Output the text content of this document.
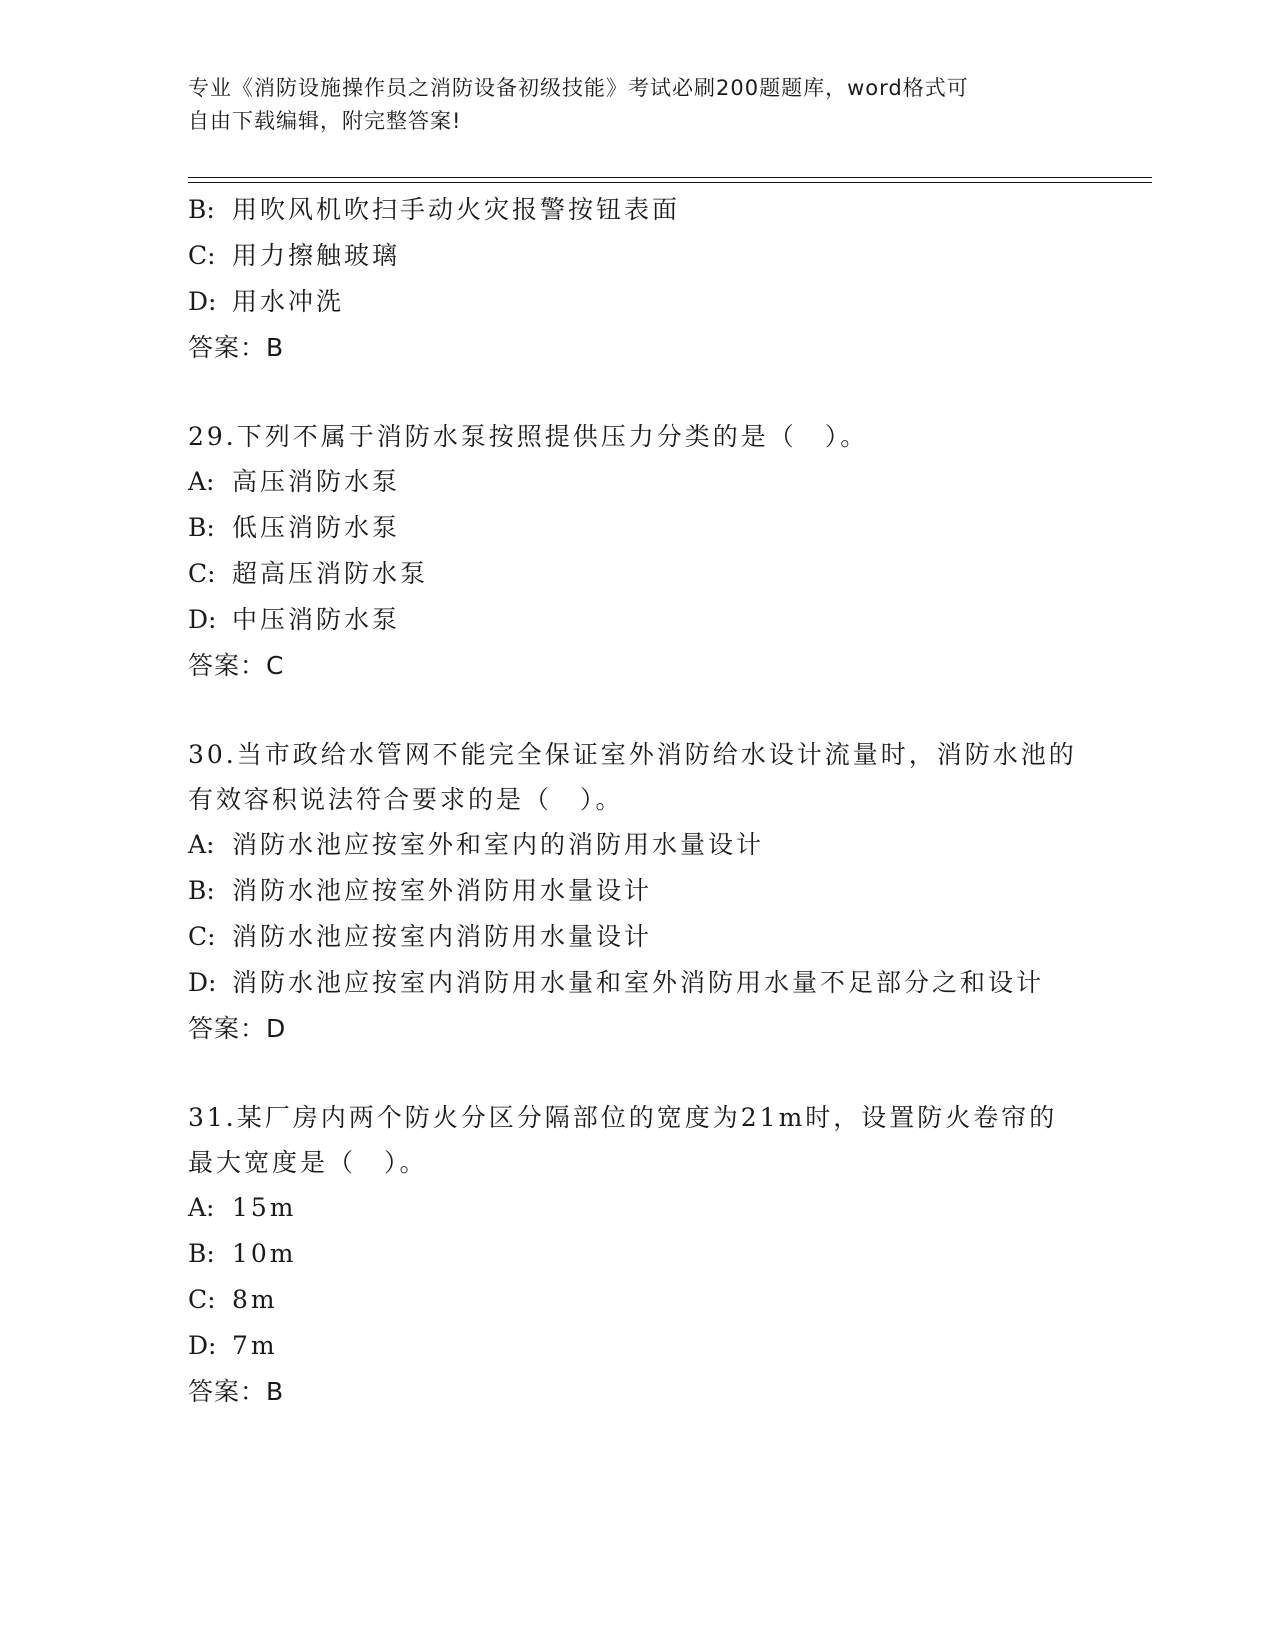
专业《消防设施操作员之消防设备初级技能》考试必刷200题题库，word格式可
自由下载编辑，附完整答案!
B: 用吹风机吹扫手动火灾报警按钮表面
C: 用力擦触玻璃
D: 用水冲洗
答案：B
29.下列不属于消防水泵按照提供压力分类的是（　）。
A: 高压消防水泵
B: 低压消防水泵
C: 超高压消防水泵
D: 中压消防水泵
答案：C
30.当市政给水管网不能完全保证室外消防给水设计流量时，消防水池的有效容积说法符合要求的是（　）。
A: 消防水池应按室外和室内的消防用水量设计
B: 消防水池应按室外消防用水量设计
C: 消防水池应按室内消防用水量设计
D: 消防水池应按室内消防用水量和室外消防用水量不足部分之和设计
答案：D
31.某厂房内两个防火分区分隔部位的宽度为21m时，设置防火卷帘的最大宽度是（　）。
A: 15m
B: 10m
C: 8m
D: 7m
答案：B
